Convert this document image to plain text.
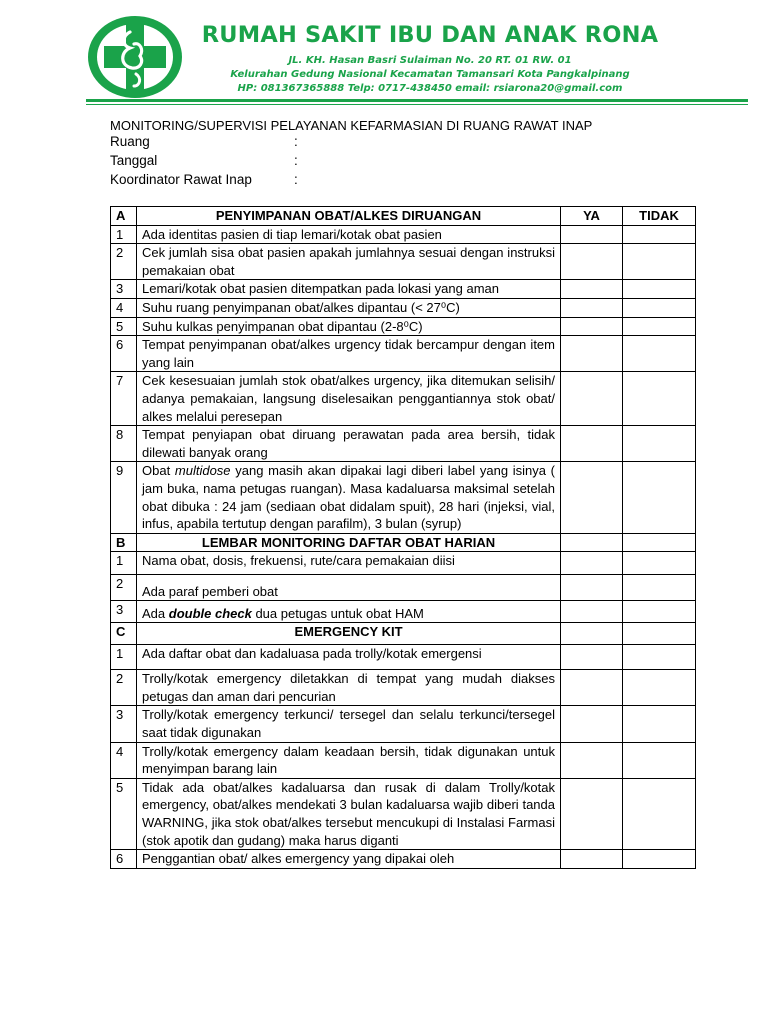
RUMAH SAKIT IBU DAN ANAK RONA
JL. KH. Hasan Basri Sulaiman No. 20 RT. 01 RW. 01
Kelurahan Gedung Nasional Kecamatan Tamansari Kota Pangkalpinang
HP: 081367365888 Telp: 0717-438450 email: rsiarona20@gmail.com
MONITORING/SUPERVISI PELAYANAN KEFARMASIAN DI RUANG RAWAT INAP
Ruang	:
Tanggal	:
Koordinator Rawat Inap	:
A	PENYIMPANAN OBAT/ALKES DIRUANGAN	YA	TIDAK
1	Ada identitas pasien di tiap lemari/kotak obat pasien		
2	Cek jumlah sisa obat pasien apakah jumlahnya sesuai dengan instruksi pemakaian obat		
3	Lemari/kotak obat pasien ditempatkan pada lokasi yang aman		
4	Suhu ruang penyimpanan obat/alkes dipantau (< 27⁰C)		
5	Suhu kulkas penyimpanan obat dipantau (2-8⁰C)		
6	Tempat penyimpanan obat/alkes urgency tidak bercampur dengan item yang lain		
7	Cek kesesuaian jumlah stok obat/alkes urgency, jika ditemukan selisih/ adanya pemakaian, langsung diselesaikan penggantiannya stok obat/ alkes melalui peresepan		
8	Tempat penyiapan obat diruang perawatan pada area bersih, tidak dilewati banyak orang		
9	Obat multidose yang masih akan dipakai lagi diberi label yang isinya ( jam buka, nama petugas ruangan). Masa kadaluarsa maksimal setelah obat dibuka : 24 jam (sediaan obat didalam spuit), 28 hari (injeksi, vial, infus, apabila tertutup dengan parafilm), 3 bulan (syrup)		
B	LEMBAR MONITORING DAFTAR OBAT HARIAN		
1	Nama obat, dosis, frekuensi, rute/cara pemakaian diisi		
2	Ada paraf pemberi obat		
3	Ada double check dua petugas untuk obat HAM		
C	EMERGENCY KIT		
1	Ada daftar obat dan kadaluasa pada trolly/kotak emergensi		
2	Trolly/kotak emergency diletakkan di tempat yang mudah diakses petugas dan aman dari pencurian		
3	Trolly/kotak emergency terkunci/ tersegel dan selalu terkunci/tersegel saat tidak digunakan		
4	Trolly/kotak emergency dalam keadaan bersih, tidak digunakan untuk menyimpan barang lain		
5	Tidak ada obat/alkes kadaluarsa dan rusak di dalam Trolly/kotak emergency, obat/alkes mendekati 3 bulan kadaluarsa wajib diberi tanda WARNING, jika stok obat/alkes tersebut mencukupi di Instalasi Farmasi (stok apotik dan gudang) maka harus diganti		
6	Penggantian obat/ alkes emergency yang dipakai oleh		
